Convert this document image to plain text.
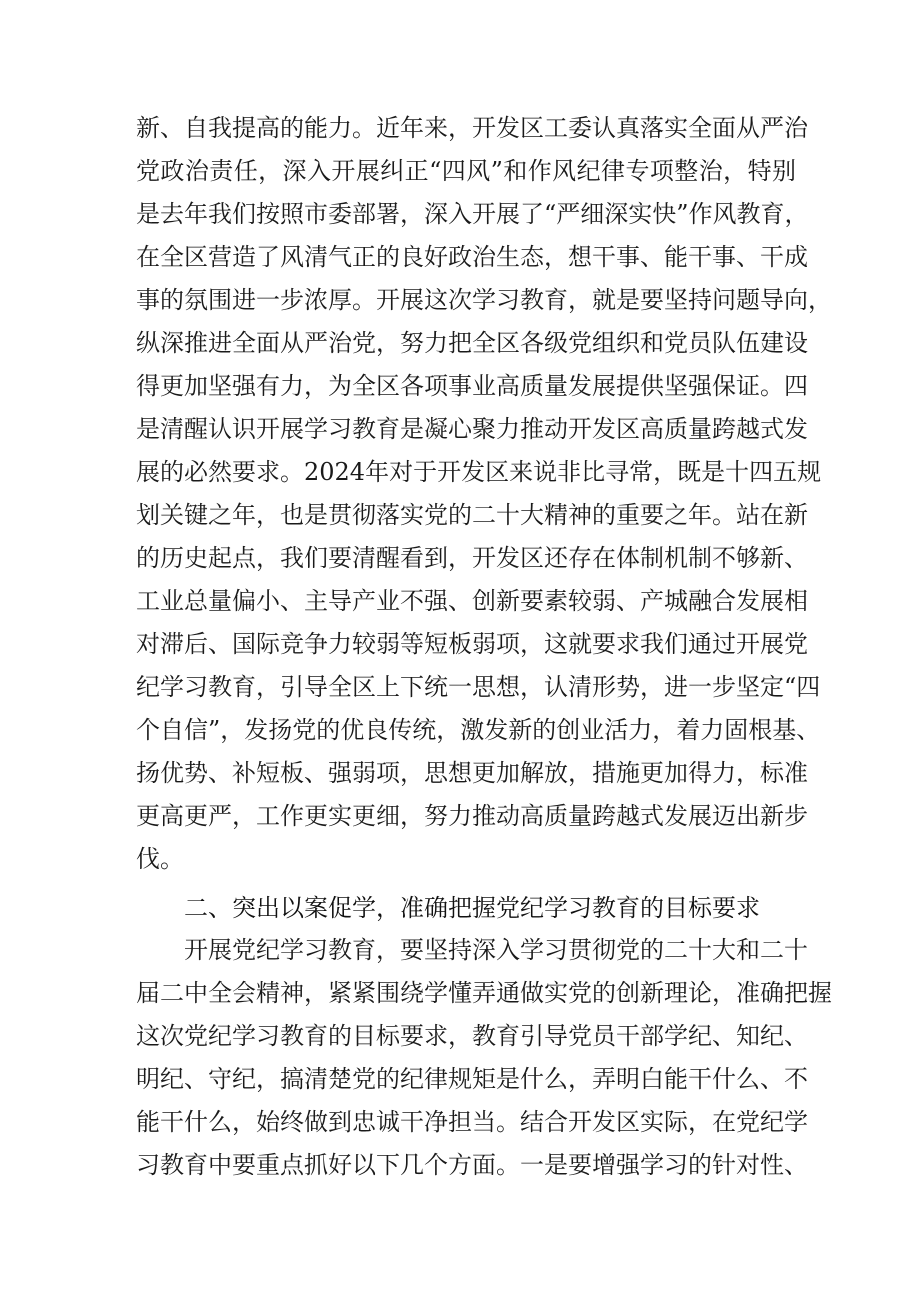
新、自我提高的能力。近年来，开发区工委认真落实全面从严治
党政治责任，深入开展纠正“四风”和作风纪律专项整治，特别
是去年我们按照市委部署，深入开展了“严细深实快”作风教育，
在全区营造了风清气正的良好政治生态，想干事、能干事、干成
事的氛围进一步浓厚。开展这次学习教育，就是要坚持问题导向，
纵深推进全面从严治党，努力把全区各级党组织和党员队伍建设
得更加坚强有力，为全区各项事业高质量发展提供坚强保证。四
是清醒认识开展学习教育是凝心聚力推动开发区高质量跨越式发
展的必然要求。2024年对于开发区来说非比寻常，既是十四五规
划关键之年，也是贯彻落实党的二十大精神的重要之年。站在新
的历史起点，我们要清醒看到，开发区还存在体制机制不够新、
工业总量偏小、主导产业不强、创新要素较弱、产城融合发展相
对滞后、国际竞争力较弱等短板弱项，这就要求我们通过开展党
纪学习教育，引导全区上下统一思想，认清形势，进一步坚定“四
个自信”，发扬党的优良传统，激发新的创业活力，着力固根基、
扬优势、补短板、强弱项，思想更加解放，措施更加得力，标准
更高更严，工作更实更细，努力推动高质量跨越式发展迈出新步
伐。
二、突出以案促学，准确把握党纪学习教育的目标要求
开展党纪学习教育，要坚持深入学习贯彻党的二十大和二十
届二中全会精神，紧紧围绕学懂弄通做实党的创新理论，准确把握
这次党纪学习教育的目标要求，教育引导党员干部学纪、知纪、
明纪、守纪，搞清楚党的纪律规矩是什么，弄明白能干什么、不
能干什么，始终做到忠诚干净担当。结合开发区实际，在党纪学
习教育中要重点抓好以下几个方面。一是要增强学习的针对性、
